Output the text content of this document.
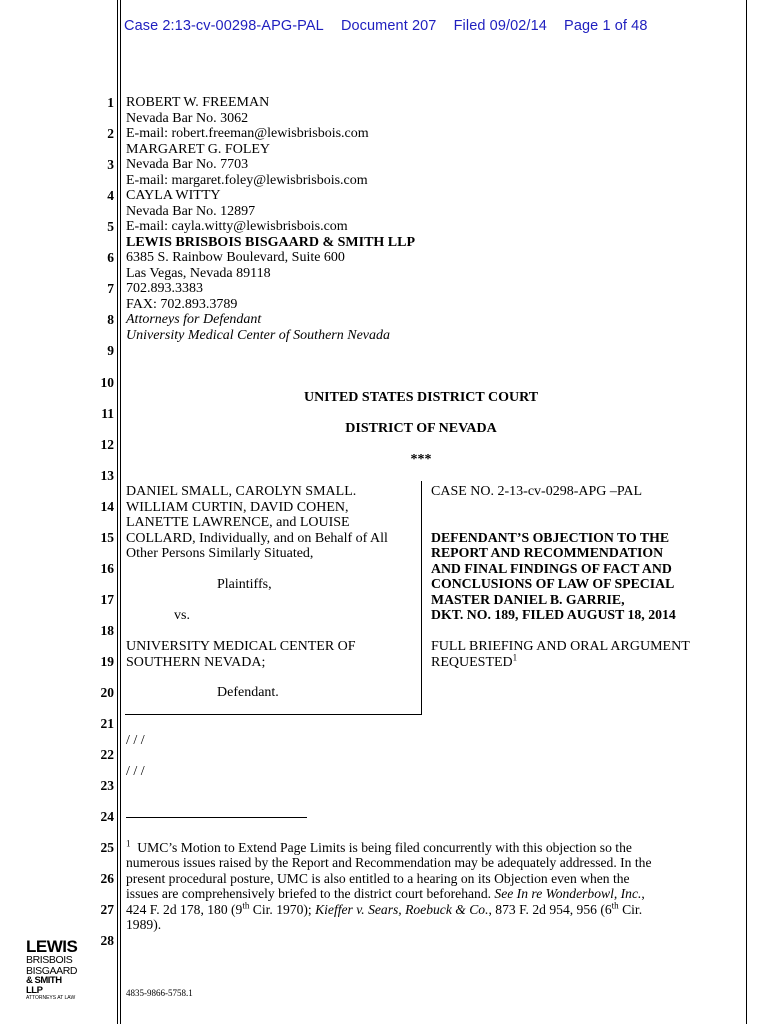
Case 2:13-cv-00298-APG-PAL Document 207 Filed 09/02/14 Page 1 of 48
1
2
3
4
5
6
7
8
9
10
11
12
13
14
15
16
17
18
19
20
21
22
23
24
25
26
27
28
ROBERT W. FREEMAN
Nevada Bar No. 3062
E-mail: robert.freeman@lewisbrisbois.com
MARGARET G. FOLEY
Nevada Bar No. 7703
E-mail: margaret.foley@lewisbrisbois.com
CAYLA WITTY
Nevada Bar No. 12897
E-mail: cayla.witty@lewisbrisbois.com
LEWIS BRISBOIS BISGAARD & SMITH LLP
6385 S. Rainbow Boulevard, Suite 600
Las Vegas, Nevada 89118
702.893.3383
FAX: 702.893.3789
Attorneys for Defendant
University Medical Center of Southern Nevada
UNITED STATES DISTRICT COURT
DISTRICT OF NEVADA
***
DANIEL SMALL, CAROLYN SMALL.
WILLIAM CURTIN, DAVID COHEN,
LANETTE LAWRENCE, and LOUISE
COLLARD, Individually, and on Behalf of All
Other Persons Similarly Situated,
Plaintiffs,
vs.
UNIVERSITY MEDICAL CENTER OF
SOUTHERN NEVADA;
Defendant.
CASE NO. 2-13-cv-0298-APG –PAL
DEFENDANT’S OBJECTION TO THE
REPORT AND RECOMMENDATION
AND FINAL FINDINGS OF FACT AND
CONCLUSIONS OF LAW OF SPECIAL
MASTER DANIEL B. GARRIE,
DKT. NO. 189, FILED AUGUST 18, 2014
FULL BRIEFING AND ORAL ARGUMENT
REQUESTED$^1$
/ / /
/ / /

$^1$ UMC’s Motion to Extend Page Limits is being filed concurrently with this objection so the

numerous issues raised by the Report and Recommendation may be adequately addressed. In the

present procedural posture, UMC is also entitled to a hearing on its Objection even when the

issues are comprehensively briefed to the district court beforehand. See In re Wonderbowl, Inc.,

424 F. 2d 178, 180 (9th Cir. 1970); Kieffer v. Sears, Roebuck & Co., 873 F. 2d 954, 956 (6th Cir.

1989).

LEWIS
BRISBOIS
BISGAARD
& SMITH LLP
ATTORNEYS AT LAW	4835-9866-5758.1
